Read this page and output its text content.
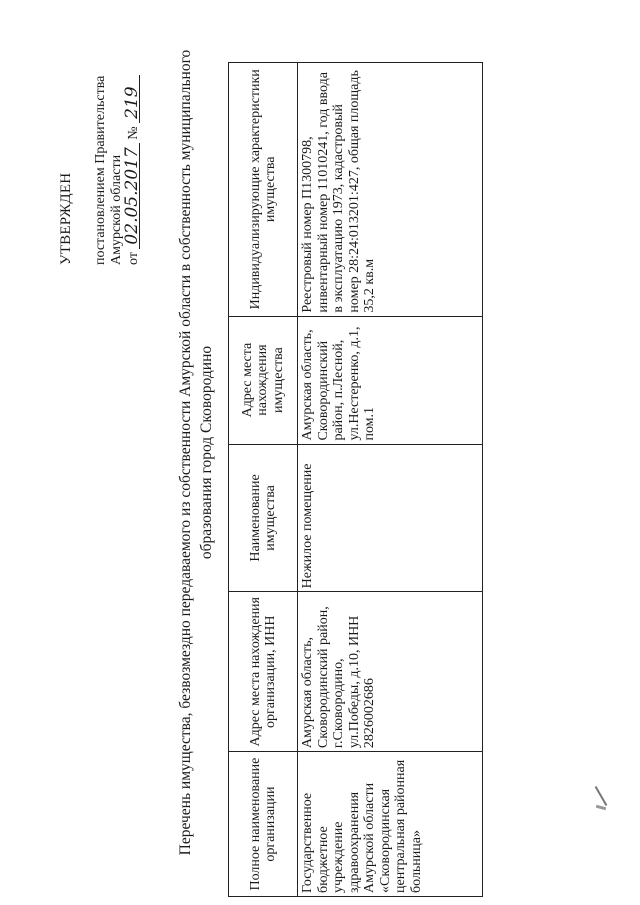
УТВЕРЖДЕН постановлением Правительства Амурской области от 02.05.2017 № 219 Перечень имущества, безвозмездно передаваемого из собственности Амурской области в собственность муниципального образования город Сковородино
Полное наименование организации	Адрес места нахождения организации, ИНН	Наименование имущества	Адрес места нахождения имущества	Индивидуализирующие характеристики имущества
Государственное бюджетное учреждение здравоохранения Амурской области «Сковородинская центральная районная больница»	Амурская область, Сковородинский район, г.Сковородино, ул.Победы, д.10, ИНН 2826002686	Нежилое помещение	Амурская область, Сковородинский район, п.Лесной, ул.Нестеренко, д.1, пом.1	Реестровый номер П1300798, инвентарный номер 11010241, год ввода в эксплуатацию 1973, кадастровый номер 28:24:013201:427, общая площадь 35,2 кв.м
